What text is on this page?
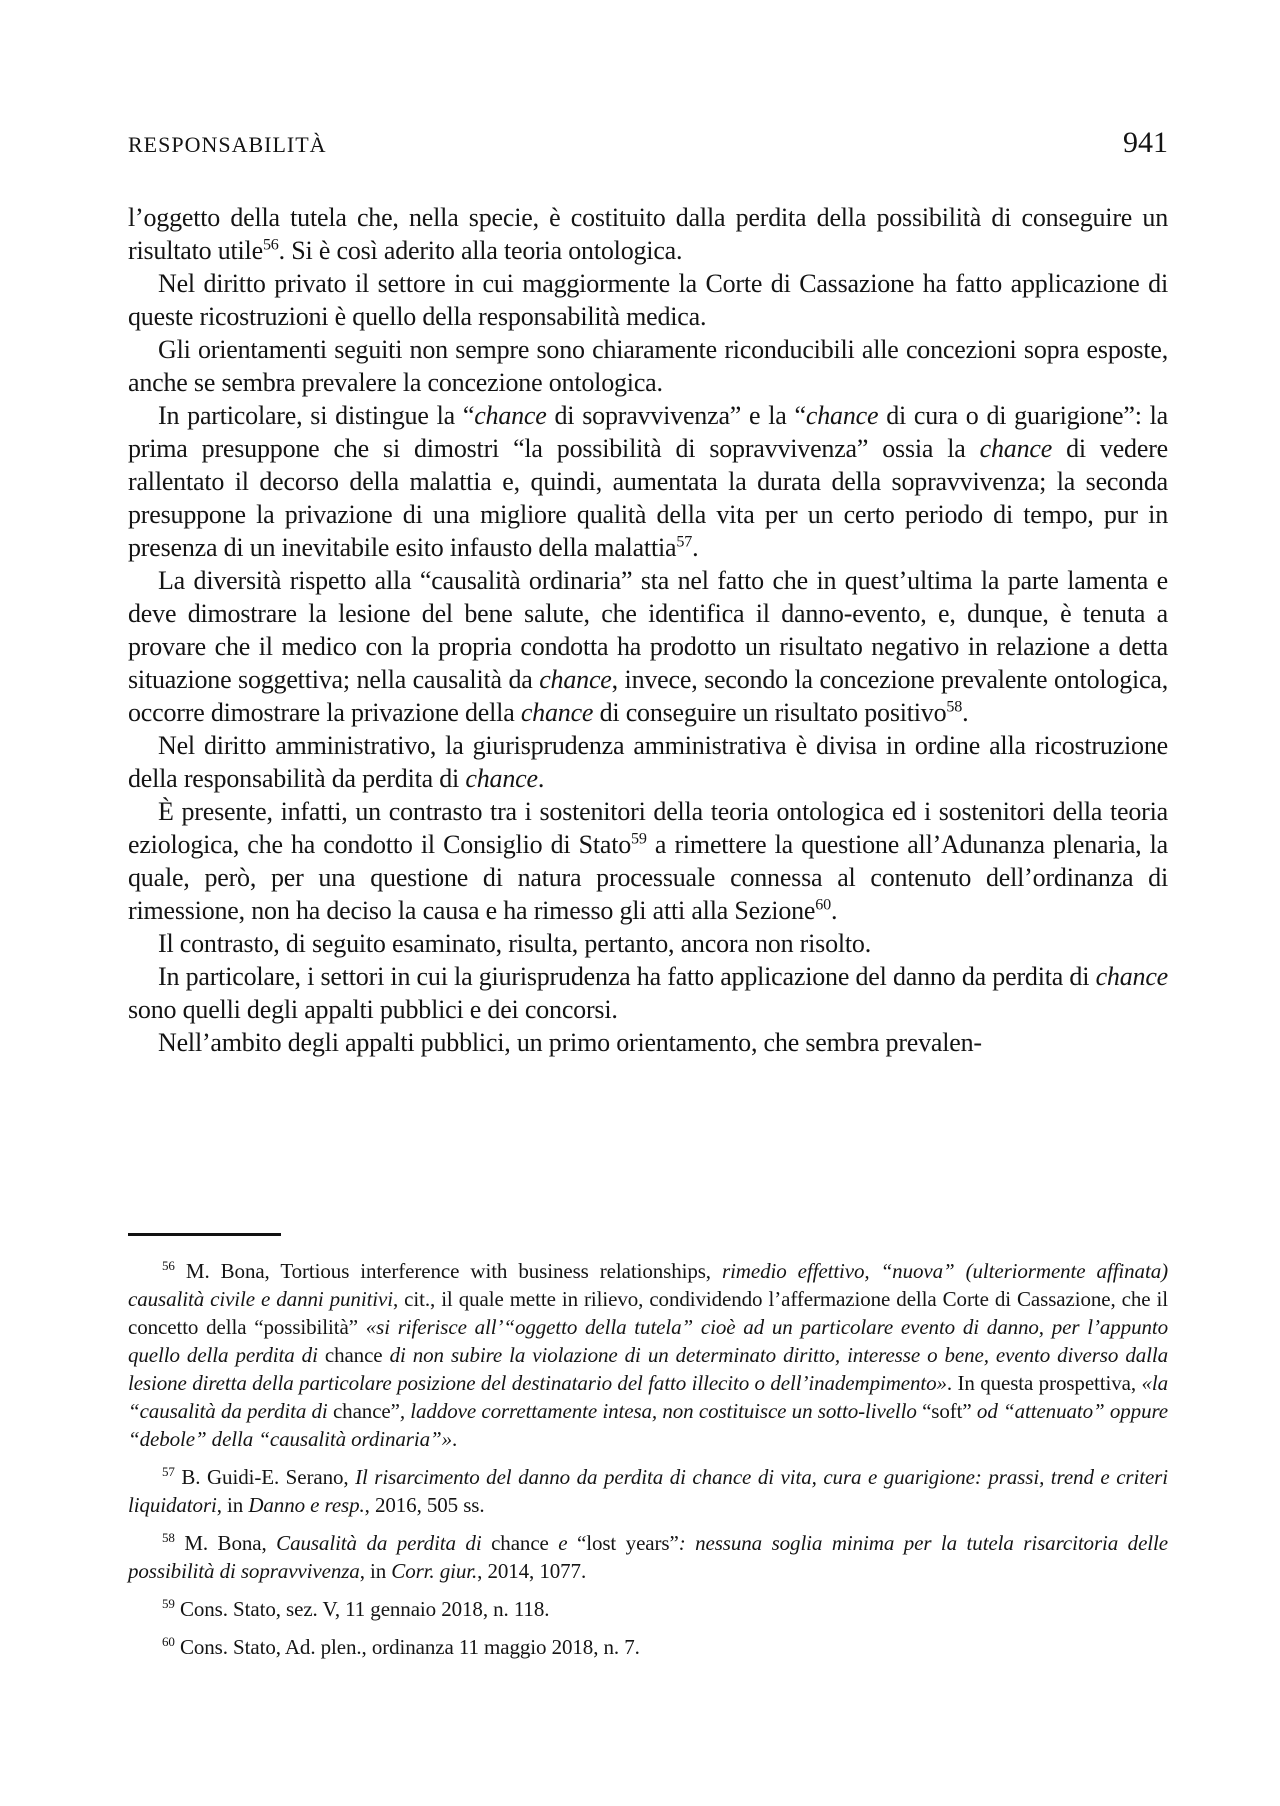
RESPONSABILITÀ	941

l’oggetto della tutela che, nella specie, è costituito dalla perdita della possibilità di conseguire un risultato utile$^{56}$. Si è così aderito alla teoria ontologica.

Nel diritto privato il settore in cui maggiormente la Corte di Cassazione ha fatto applicazione di queste ricostruzioni è quello della responsabilità medica.

Gli orientamenti seguiti non sempre sono chiaramente riconducibili alle concezioni sopra esposte, anche se sembra prevalere la concezione ontologica.

In particolare, si distingue la “chance di sopravvivenza” e la “chance di cura o di guarigione”: la prima presuppone che si dimostri “la possibilità di sopravvivenza” ossia la chance di vedere rallentato il decorso della malattia e, quindi, aumentata la durata della sopravvivenza; la seconda presuppone la privazione di una migliore qualità della vita per un certo periodo di tempo, pur in presenza di un inevitabile esito infausto della malattia$^{57}$.

La diversità rispetto alla “causalità ordinaria” sta nel fatto che in quest’ultima la parte lamenta e deve dimostrare la lesione del bene salute, che identifica il danno-evento, e, dunque, è tenuta a provare che il medico con la propria condotta ha prodotto un risultato negativo in relazione a detta situazione soggettiva; nella causalità da chance, invece, secondo la concezione prevalente ontologica, occorre dimostrare la privazione della chance di conseguire un risultato positivo$^{58}$.

Nel diritto amministrativo, la giurisprudenza amministrativa è divisa in ordine alla ricostruzione della responsabilità da perdita di chance.

È presente, infatti, un contrasto tra i sostenitori della teoria ontologica ed i sostenitori della teoria eziologica, che ha condotto il Consiglio di Stato$^{59}$ a rimettere la questione all’Adunanza plenaria, la quale, però, per una questione di natura processuale connessa al contenuto dell’ordinanza di rimessione, non ha deciso la causa e ha rimesso gli atti alla Sezione$^{60}$.

Il contrasto, di seguito esaminato, risulta, pertanto, ancora non risolto.

In particolare, i settori in cui la giurisprudenza ha fatto applicazione del danno da perdita di chance sono quelli degli appalti pubblici e dei concorsi.

Nell’ambito degli appalti pubblici, un primo orientamento, che sembra prevalen-

$^{56}$ M. Bona, Tortious interference with business relationships, rimedio effettivo, “nuova” (ulteriormente affinata) causalità civile e danni punitivi, cit., il quale mette in rilievo, condividendo l’affermazione della Corte di Cassazione, che il concetto della “possibilità” «si riferisce all’“oggetto della tutela” cioè ad un particolare evento di danno, per l’appunto quello della perdita di chance di non subire la violazione di un determinato diritto, interesse o bene, evento diverso dalla lesione diretta della particolare posizione del destinatario del fatto illecito o dell’inadempimento». In questa prospettiva, «la “causalità da perdita di chance”, laddove correttamente intesa, non costituisce un sotto-livello “soft” od “attenuato” oppure “debole” della “causalità ordinaria”».

$^{57}$ B. Guidi-E. Serano, Il risarcimento del danno da perdita di chance di vita, cura e guarigione: prassi, trend e criteri liquidatori, in Danno e resp., 2016, 505 ss.

$^{58}$ M. Bona, Causalità da perdita di chance e “lost years”: nessuna soglia minima per la tutela risarcitoria delle possibilità di sopravvivenza, in Corr. giur., 2014, 1077.

$^{59}$ Cons. Stato, sez. V, 11 gennaio 2018, n. 118.

$^{60}$ Cons. Stato, Ad. plen., ordinanza 11 maggio 2018, n. 7.
